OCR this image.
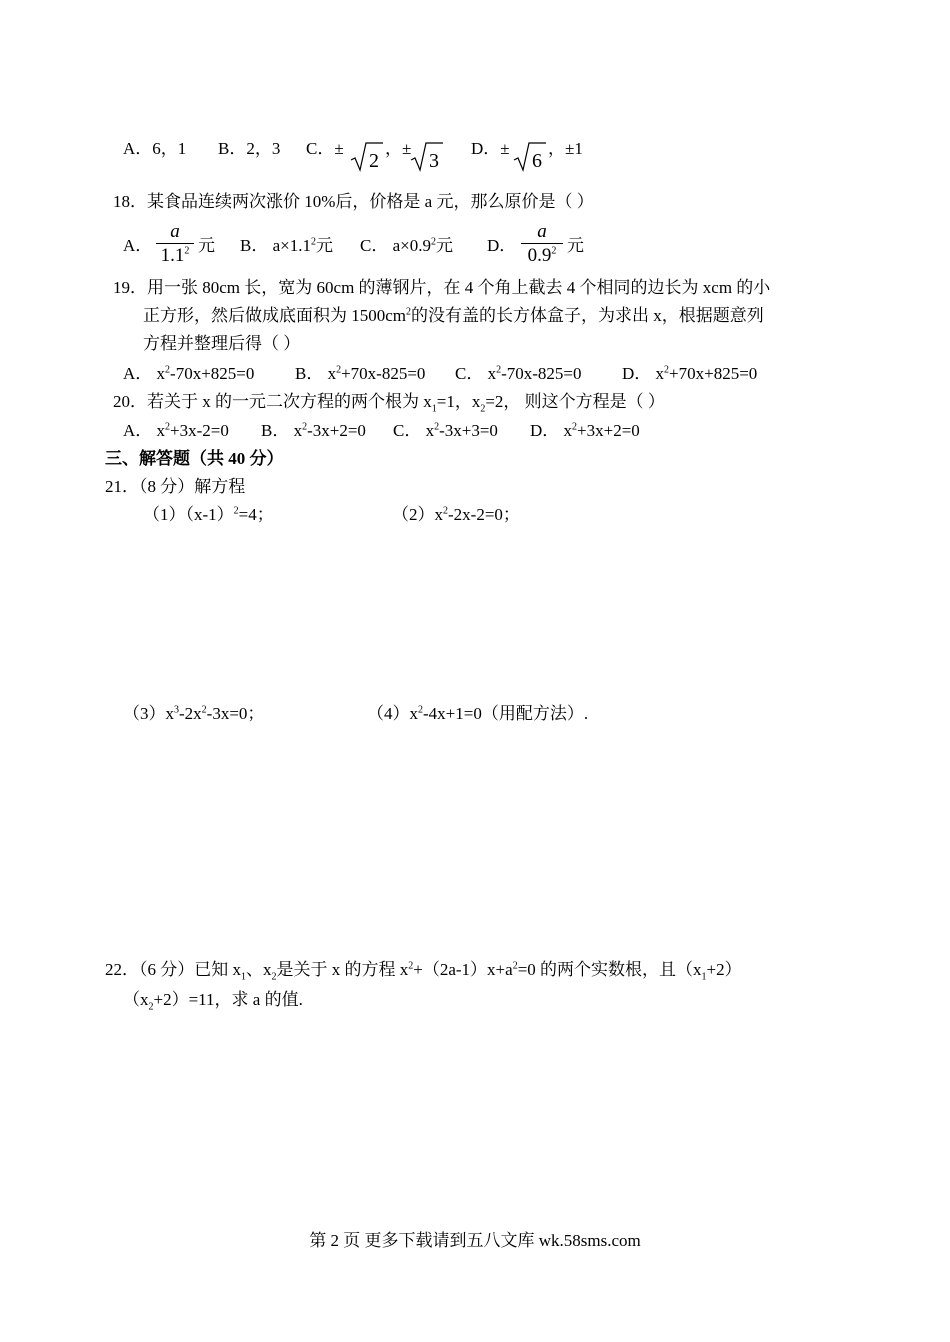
A．6，1 B．2，3 C．±
2
，±
3
D．±
6
，±1
18．某食品连续两次涨价 10%后，价格是 a 元，那么原价是（ ）
A．
a
$1.1^2$ 元 B． $a\times 1.1^2$元 C． $a\times 0.9^2$元 D．
a
$0.9^2$ 元
19．用一张 80cm 长，宽为 60cm 的薄钢片，在 4 个角上截去 4 个相同的边长为 xcm 的小
正方形，然后做成底面积为 $1500cm^2$的没有盖的长方体盒子，为求出 x，根据题意列
方程并整理后得（ ）
A． $x^2-70x+825=0$ B． $x^2+70x-825=0$ C． $x^2-70x-825=0$ D． $x^2+70x+825=0$
20．若关于 x 的一元二次方程的两个根为 $x_1=1$，$x_2=2$， 则这个方程是（ ）
A． $x^2+3x-2=0$ B． $x^2-3x+2=0$ C． $x^2-3x+3=0$ D． $x^2+3x+2=0$
三、解答题（共 40 分）
21．（8 分）解方程
$(1)(x-1)^2=4$；	$(2)x^2-2x-2=0$；
$(3)x^3-2x^2-3x=0$；	$(4)x^2-4x+1=0$（用配方法）.
22．（6 分）已知 $x_1$、$x_2$是关于 x 的方程 $x^2+(2a-1)x+a^2=0$ 的两个实数根，且$(x_1+2)$
$(x_2+2)=11$，求 a 的值.
第 2 页 更多下载请到五八文库 wk.58sms.com
